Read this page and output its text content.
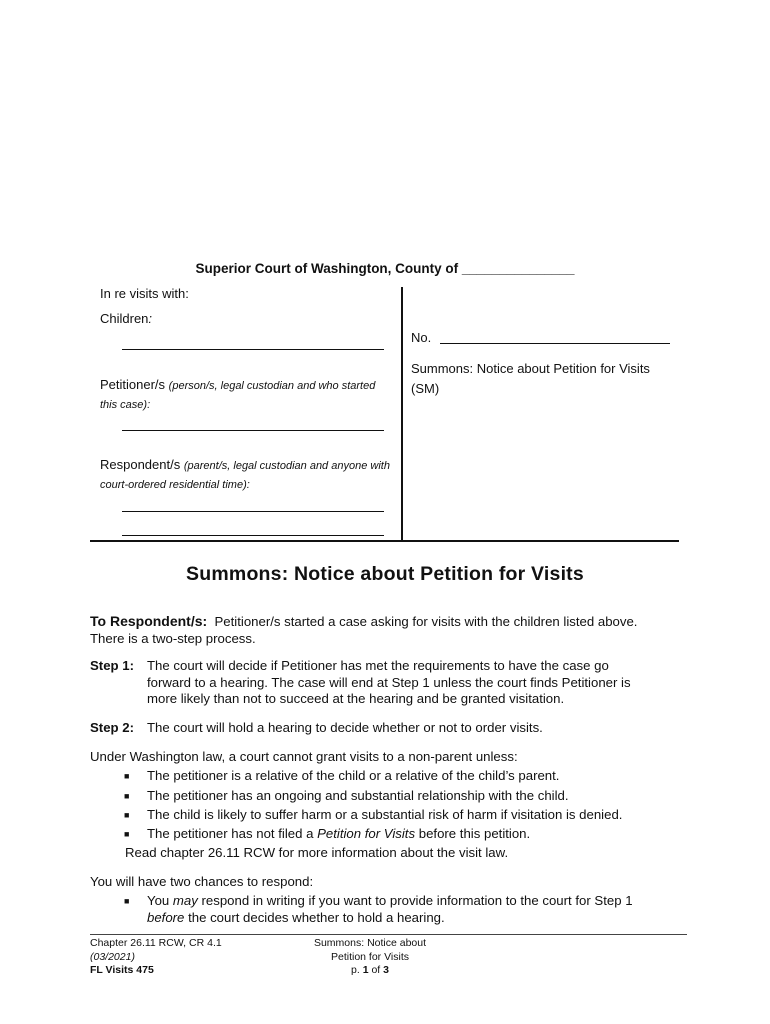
Superior Court of Washington, County of _______________
In re visits with:
Children:
Petitioner/s (person/s, legal custodian and who started this case):
Respondent/s (parent/s, legal custodian and anyone with court-ordered residential time):
No.
Summons: Notice about Petition for Visits
(SM)
Summons: Notice about Petition for Visits
To Respondent/s: Petitioner/s started a case asking for visits with the children listed above.
There is a two-step process.
Step 1: The court will decide if Petitioner has met the requirements to have the case go
forward to a hearing. The case will end at Step 1 unless the court finds Petitioner is
more likely than not to succeed at the hearing and be granted visitation.
Step 2: The court will hold a hearing to decide whether or not to order visits.
Under Washington law, a court cannot grant visits to a non-parent unless:
■ The petitioner is a relative of the child or a relative of the child’s parent.
■ The petitioner has an ongoing and substantial relationship with the child.
■ The child is likely to suffer harm or a substantial risk of harm if visitation is denied.
■ The petitioner has not filed a Petition for Visits before this petition.
Read chapter 26.11 RCW for more information about the visit law.
You will have two chances to respond:
■ You may respond in writing if you want to provide information to the court for Step 1
before the court decides whether to hold a hearing.
Chapter 26.11 RCW, CR 4.1
(03/2021)
FL Visits 475
Summons: Notice about
Petition for Visits
p. 1 of 3
